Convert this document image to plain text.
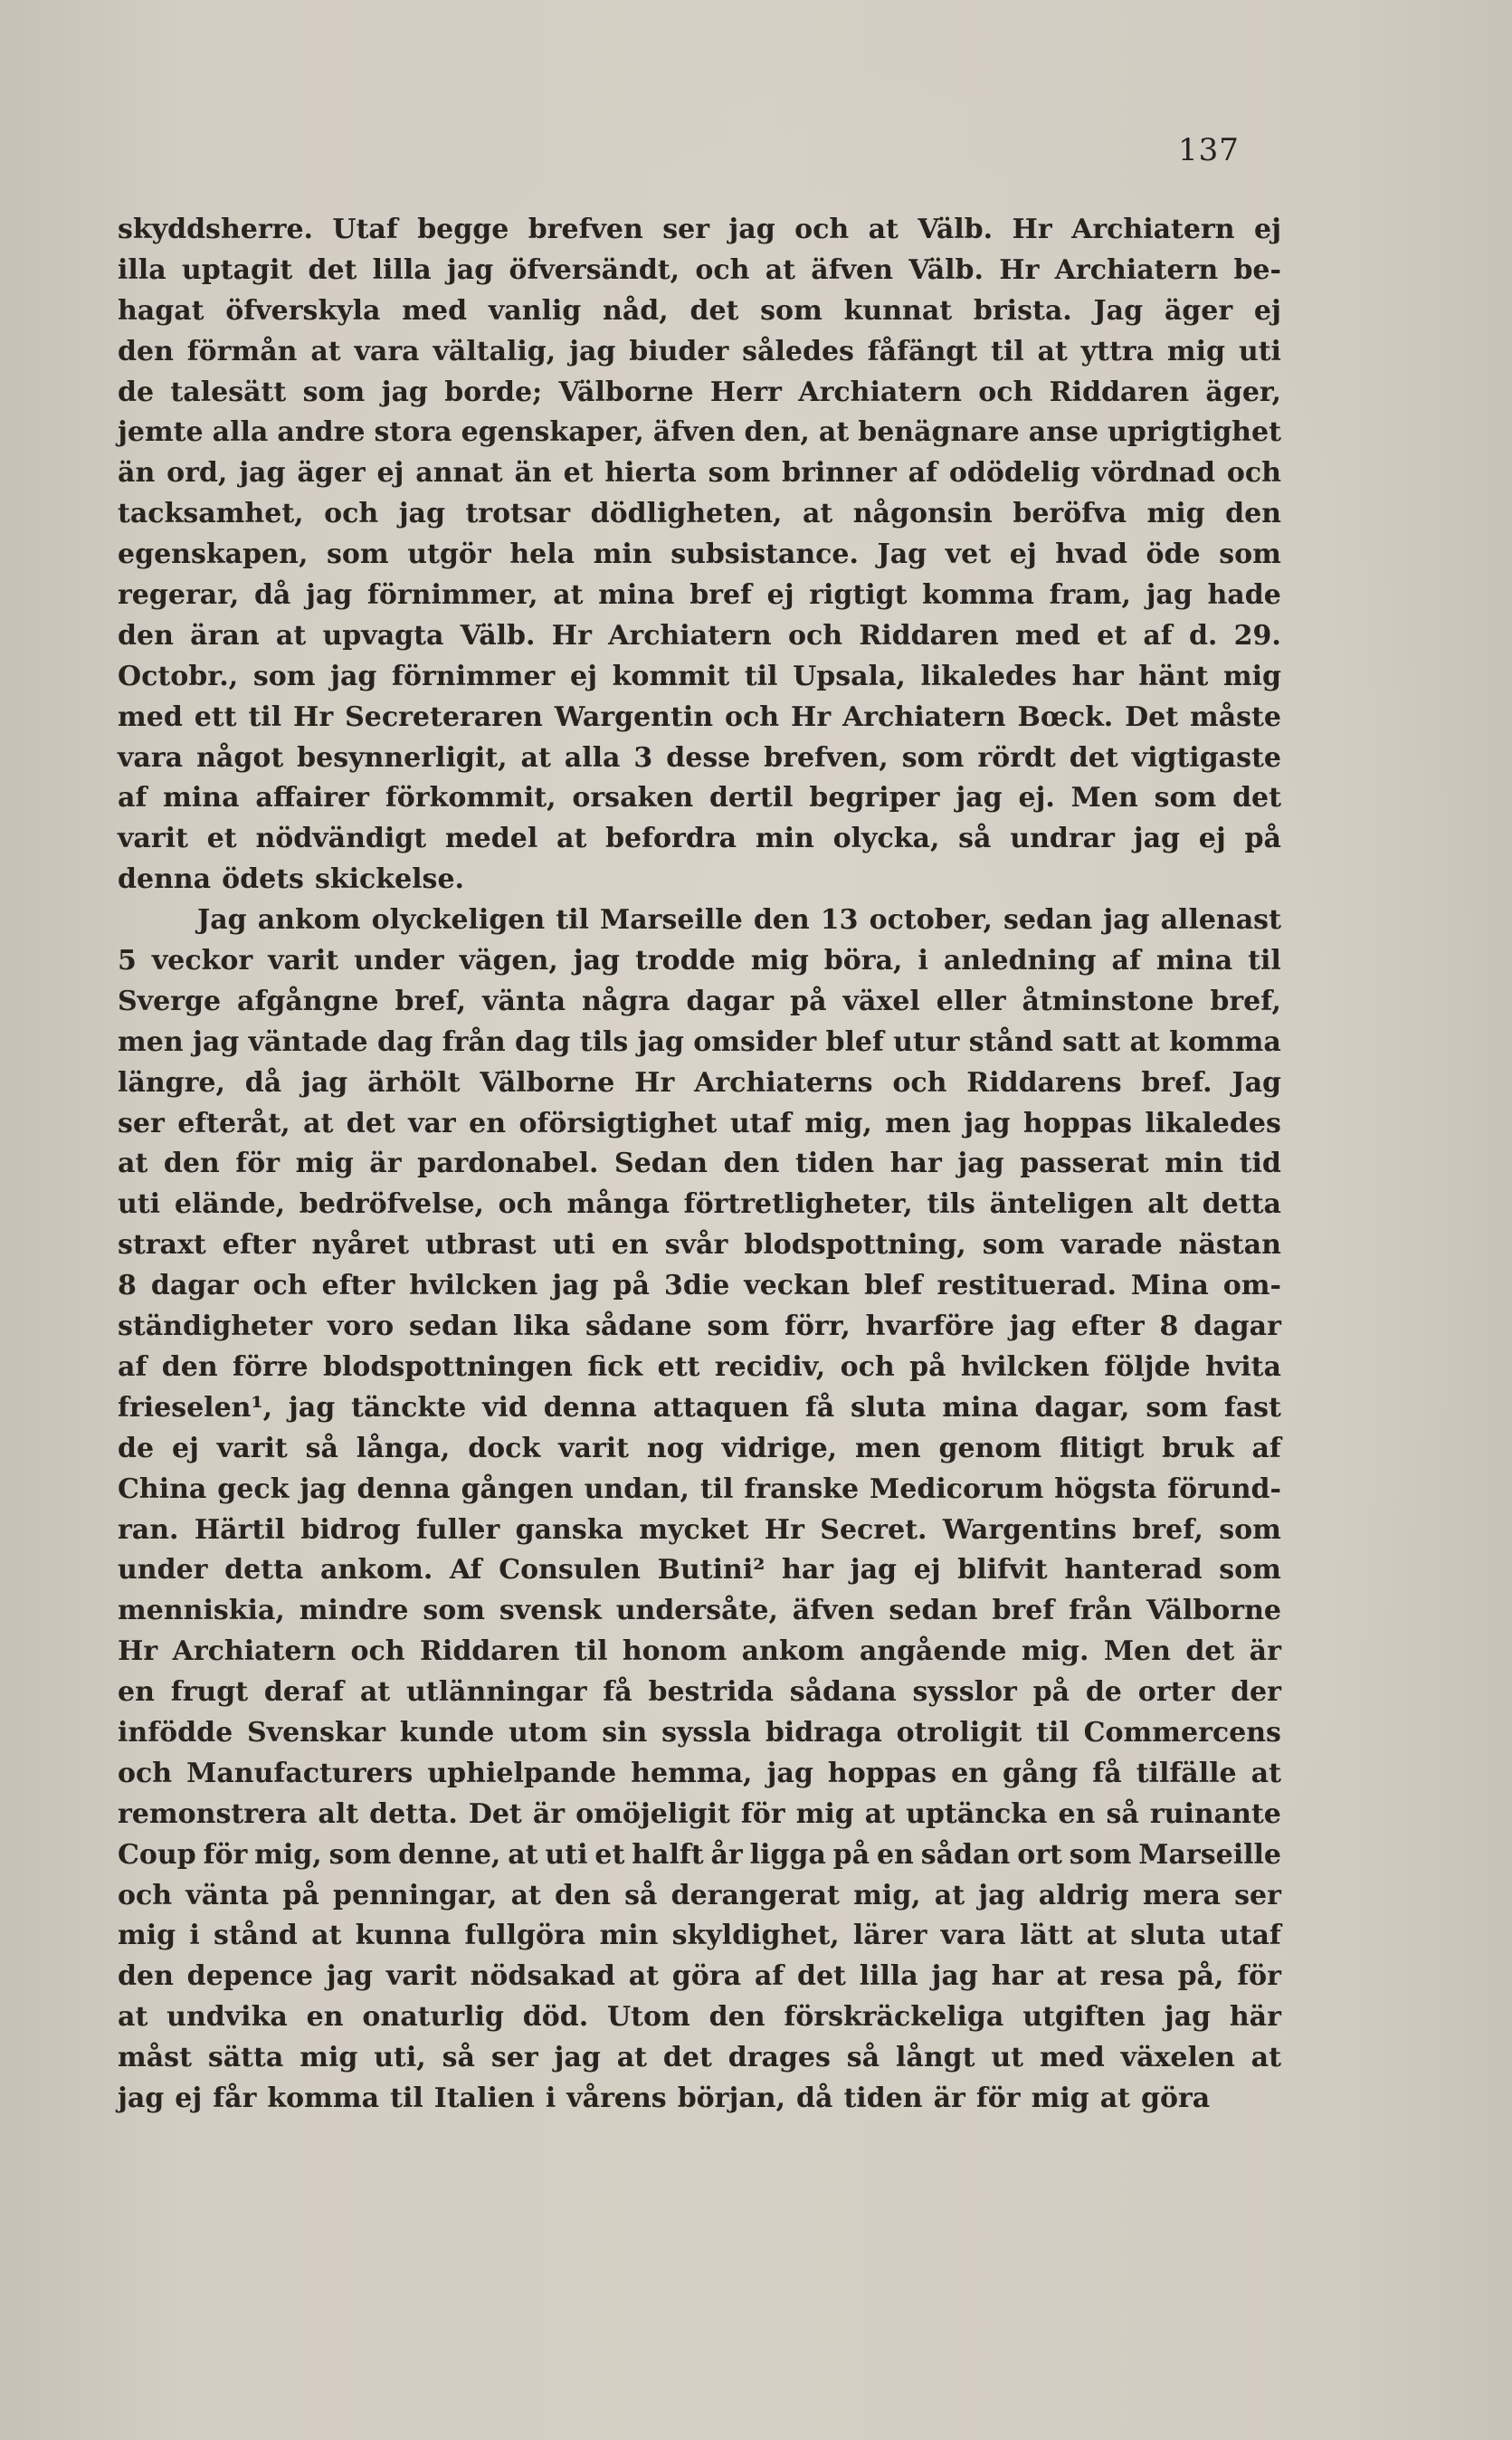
137
skyddsherre. Utaf begge brefven ser jag och at Välb. Hr Archiatern ej
illa uptagit det lilla jag öfversändt, och at äfven Välb. Hr Archiatern be-
hagat öfverskyla med vanlig nåd, det som kunnat brista. Jag äger ej
den förmån at vara vältalig, jag biuder således fåfängt til at yttra mig uti
de talesätt som jag borde; Välborne Herr Archiatern och Riddaren äger,
jemte alla andre stora egenskaper, äfven den, at benägnare anse uprigtighet
än ord, jag äger ej annat än et hierta som brinner af odödelig vördnad och
tacksamhet, och jag trotsar dödligheten, at någonsin beröfva mig den
egenskapen, som utgör hela min subsistance. Jag vet ej hvad öde som
regerar, då jag förnimmer, at mina bref ej rigtigt komma fram, jag hade
den äran at upvagta Välb. Hr Archiatern och Riddaren med et af d. 29.
Octobr., som jag förnimmer ej kommit til Upsala, likaledes har hänt mig
med ett til Hr Secreteraren Wargentin och Hr Archiatern Bœck. Det måste
vara något besynnerligit, at alla 3 desse brefven, som rördt det vigtigaste
af mina affairer förkommit, orsaken dertil begriper jag ej. Men som det
varit et nödvändigt medel at befordra min olycka, så undrar jag ej på
denna ödets skickelse.
Jag ankom olyckeligen til Marseille den 13 october, sedan jag allenast
5 veckor varit under vägen, jag trodde mig böra, i anledning af mina til
Sverge afgångne bref, vänta några dagar på växel eller åtminstone bref,
men jag väntade dag från dag tils jag omsider blef utur stånd satt at komma
längre, då jag ärhölt Välborne Hr Archiaterns och Riddarens bref. Jag
ser efteråt, at det var en oförsigtighet utaf mig, men jag hoppas likaledes
at den för mig är pardonabel. Sedan den tiden har jag passerat min tid
uti elände, bedröfvelse, och många förtretligheter, tils änteligen alt detta
straxt efter nyåret utbrast uti en svår blodspottning, som varade nästan
8 dagar och efter hvilcken jag på 3die veckan blef restituerad. Mina om-
ständigheter voro sedan lika sådane som förr, hvarföre jag efter 8 dagar
af den förre blodspottningen fick ett recidiv, och på hvilcken följde hvita
frieselen¹, jag tänckte vid denna attaquen få sluta mina dagar, som fast
de ej varit så långa, dock varit nog vidrige, men genom flitigt bruk af
China geck jag denna gången undan, til franske Medicorum högsta förund-
ran. Härtil bidrog fuller ganska mycket Hr Secret. Wargentins bref, som
under detta ankom. Af Consulen Butini² har jag ej blifvit hanterad som
menniskia, mindre som svensk undersåte, äfven sedan bref från Välborne
Hr Archiatern och Riddaren til honom ankom angående mig. Men det är
en frugt deraf at utlänningar få bestrida sådana sysslor på de orter der
infödde Svenskar kunde utom sin syssla bidraga otroligit til Commercens
och Manufacturers uphielpande hemma, jag hoppas en gång få tilfälle at
remonstrera alt detta. Det är omöjeligit för mig at uptäncka en så ruinante
Coup för mig, som denne, at uti et halft år ligga på en sådan ort som Marseille
och vänta på penningar, at den så derangerat mig, at jag aldrig mera ser
mig i stånd at kunna fullgöra min skyldighet, lärer vara lätt at sluta utaf
den depence jag varit nödsakad at göra af det lilla jag har at resa på, för
at undvika en onaturlig död. Utom den förskräckeliga utgiften jag här
måst sätta mig uti, så ser jag at det drages så långt ut med växelen at
jag ej får komma til Italien i vårens början, då tiden är för mig at göra
